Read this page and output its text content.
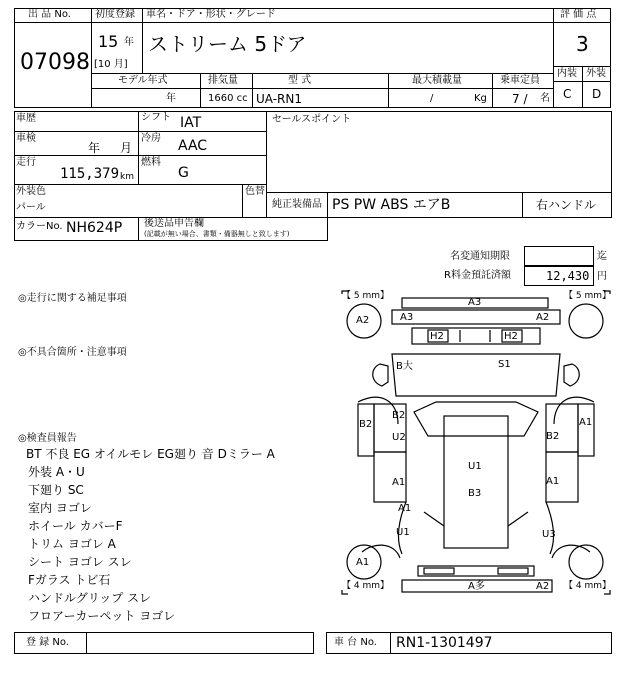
出 品 No.
07098
初度登録
15 年
[10 月]
車名・ドア・形状・グレード
ストリーム 5ドア
評 価 点
3
内装 外装
C D
モデル年式
年
排気量
1660 cc
型 式
UA-RN1
最大積載量
/	Kg
乗車定員
7 / 名
車歴	シフト IAT
車検
年 月
冷房 AAC
走行
115,379 km
燃料
G
セールスポイント
外装色
パール
色替
純正装備品 PS PW ABS エアB	右ハンドル
カラーNo. NH624P 後送品申告欄
(記載が無い場合、書類・備器無しと致します)
名変通知期限	迄
R料金預託済額	12,430 円
◎走行に関する補足事項
◎不具合箇所・注意事項
◎検査員報告
BT 不良 EG オイルモレ EG廻り 音 Dミラー A
外装 A・U
下廻り SC
室内 ヨゴレ
ホイール カバーF
トリム ヨゴレ A
シート ヨゴレ スレ
Fガラス トビ石
ハンドルグリップ スレ
フロアーカーペット ヨゴレ
【 5 mm】	【 5 mm】
【 4 mm】	【 4 mm】
A3
A3	A2
A2
H2	H2
B大	S1
B2
B2
U2	B2
A1
A1
U1
B3
A1
A1
U1	U3
A1
A多	A2
登 録 No.	車 台 No. RN1-1301497
